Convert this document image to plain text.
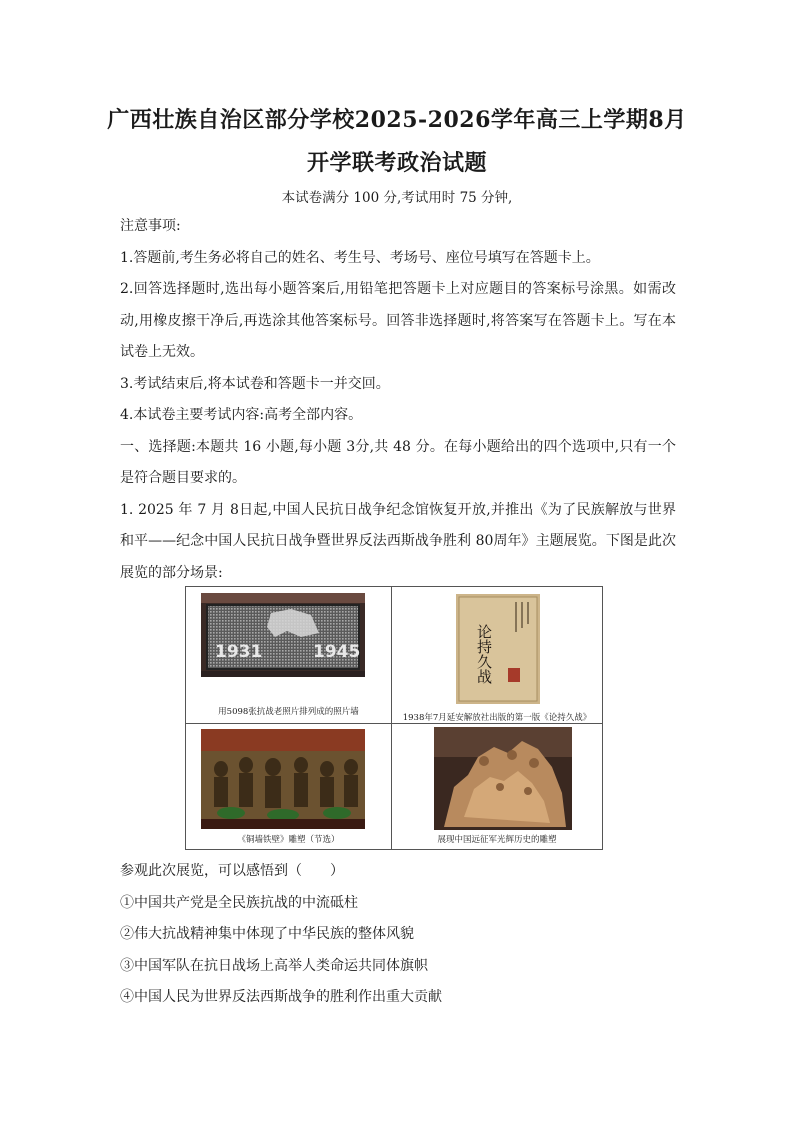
广西壮族自治区部分学校2025-2026学年高三上学期8月
开学联考政治试题
本试卷满分 100 分,考试用时 75 分钟,

注意事项:

1.答题前,考生务必将自己的姓名、考生号、考场号、座位号填写在答题卡上。

2.回答选择题时,选出每小题答案后,用铅笔把答题卡上对应题目的答案标号涂黑。如需改动,用橡皮擦干净后,再选涂其他答案标号。回答非选择题时,将答案写在答题卡上。写在本试卷上无效。

3.考试结束后,将本试卷和答题卡一并交回。

4.本试卷主要考试内容:高考全部内容。

一、选择题:本题共 16 小题,每小题 3分,共 48 分。在每小题给出的四个选项中,只有一个是符合题目要求的。

1. 2025 年 7 月 8日起,中国人民抗日战争纪念馆恢复开放,并推出《为了民族解放与世界和平——纪念中国人民抗日战争暨世界反法西斯战争胜利 80周年》主题展览。下图是此次展览的部分场景:

1931	1945
用5098张抗战老照片排列成的照片墙
论持久战
1938年7月延安解放社出版的第一版《论持久战》
《铜墙铁壁》雕塑（节选）	展现中国远征军光辉历史的雕塑

参观此次展览，可以感悟到（　　）

①中国共产党是全民族抗战的中流砥柱

②伟大抗战精神集中体现了中华民族的整体风貌

③中国军队在抗日战场上高举人类命运共同体旗帜

④中国人民为世界反法西斯战争的胜利作出重大贡献
